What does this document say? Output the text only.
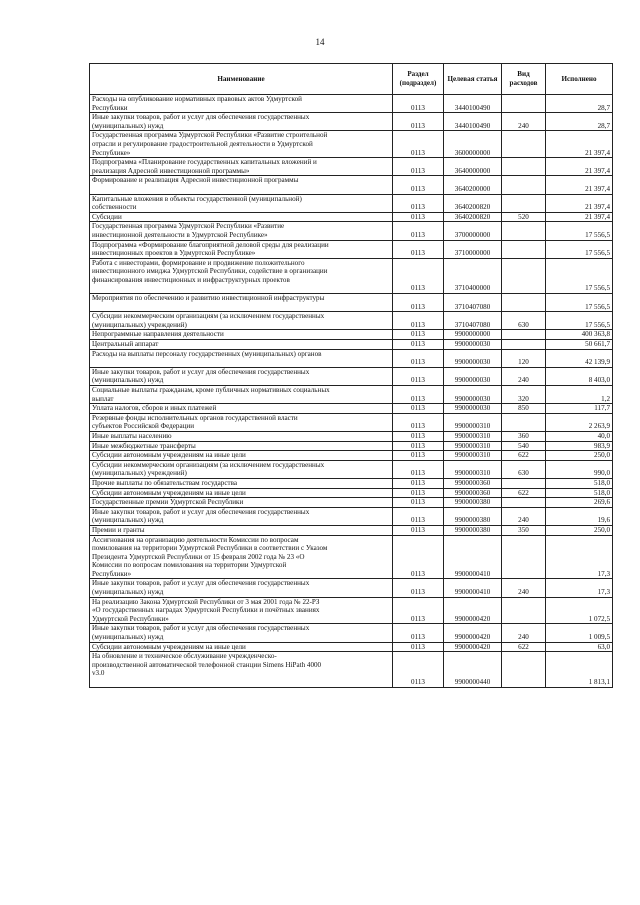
14
Наименование	Раздел (подраздел)	Целевая статья	Вид расходов	Исполнено

Расходы на опубликование нормативных правовых актов Удмуртской
Республики	0113	3440100490		28,7

Иные закупки товаров, работ и услуг для обеспечения государственных
(муниципальных) нужд	0113	3440100490	240	28,7

Государственная программа Удмуртской Республики «Развитие строительной
отрасли и регулирование градостроительной деятельности в Удмуртской
Республике»	0113	3600000000		21 397,4

Подпрограмма «Планирование государственных капитальных вложений и
реализация Адресной инвестиционной программы»	0113	3640000000		21 397,4

Формирование и реализация Адресной инвестиционной программы	0113	3640200000		21 397,4

Капитальные вложения в объекты государственной (муниципальной)
собственности	0113	3640200820		21 397,4

Субсидии	0113	3640200820	520	21 397,4

Государственная программа Удмуртской Республики «Развитие
инвестиционной деятельности в Удмуртской Республике»	0113	3700000000		17 556,5

Подпрограмма «Формирование благоприятной деловой среды для реализации
инвестиционных проектов в Удмуртской Республике»	0113	3710000000		17 556,5

Работа с инвесторами, формирование и продвижение положительного
инвестиционного имиджа Удмуртской Республики, содействие в организации
финансирования инвестиционных и инфраструктурных проектов	0113	3710400000		17 556,5

Мероприятия по обеспечению и развитию инвестиционной инфраструктуры	0113	3710407080		17 556,5

Субсидии некоммерческим организациям (за исключением государственных
(муниципальных) учреждений)	0113	3710407080	630	17 556,5

Непрограммные направления деятельности	0113	9900000000		400 363,8

Центральный аппарат	0113	9900000030		50 661,7

Расходы на выплаты персоналу государственных (муниципальных) органов	0113	9900000030	120	42 139,9

Иные закупки товаров, работ и услуг для обеспечения государственных
(муниципальных) нужд	0113	9900000030	240	8 403,0

Социальные выплаты гражданам, кроме публичных нормативных социальных
выплат	0113	9900000030	320	1,2

Уплата налогов, сборов и иных платежей	0113	9900000030	850	117,7

Резервные фонды исполнительных органов государственной власти
субъектов Российской Федерации	0113	9900000310		2 263,9

Иные выплаты населению	0113	9900000310	360	40,0

Иные межбюджетные трансферты	0113	9900000310	540	983,9

Субсидии автономным учреждениям на иные цели	0113	9900000310	622	250,0

Субсидии некоммерческим организациям (за исключением государственных
(муниципальных) учреждений)	0113	9900000310	630	990,0

Прочие выплаты по обязательствам государства	0113	9900000360		518,0

Субсидии автономным учреждениям на иные цели	0113	9900000360	622	518,0

Государственные премии Удмуртской Республики	0113	9900000380		269,6

Иные закупки товаров, работ и услуг для обеспечения государственных
(муниципальных) нужд	0113	9900000380	240	19,6

Премии и гранты	0113	9900000380	350	250,0

Ассигнования на организацию деятельности Комиссии по вопросам
помилования на территории Удмуртской Республики в соответствии с Указом
Президента Удмуртской Республики от 15 февраля 2002 года № 23 «О
Комиссии по вопросам помилования на территории Удмуртской
Республики»	0113	9900000410		17,3

Иные закупки товаров, работ и услуг для обеспечения государственных
(муниципальных) нужд	0113	9900000410	240	17,3

На реализацию Закона Удмуртской Республики от 3 мая 2001 года № 22-РЗ
«О государственных наградах Удмуртской Республики и почётных званиях
Удмуртской Республики»	0113	9900000420		1 072,5

Иные закупки товаров, работ и услуг для обеспечения государственных
(муниципальных) нужд	0113	9900000420	240	1 009,5

Субсидии автономным учреждениям на иные цели	0113	9900000420	622	63,0

На обновление и техническое обслуживание учрежденческо-
производственной автоматической телефонной станции Simens HiPath 4000
v3.0	0113	9900000440		1 813,1
